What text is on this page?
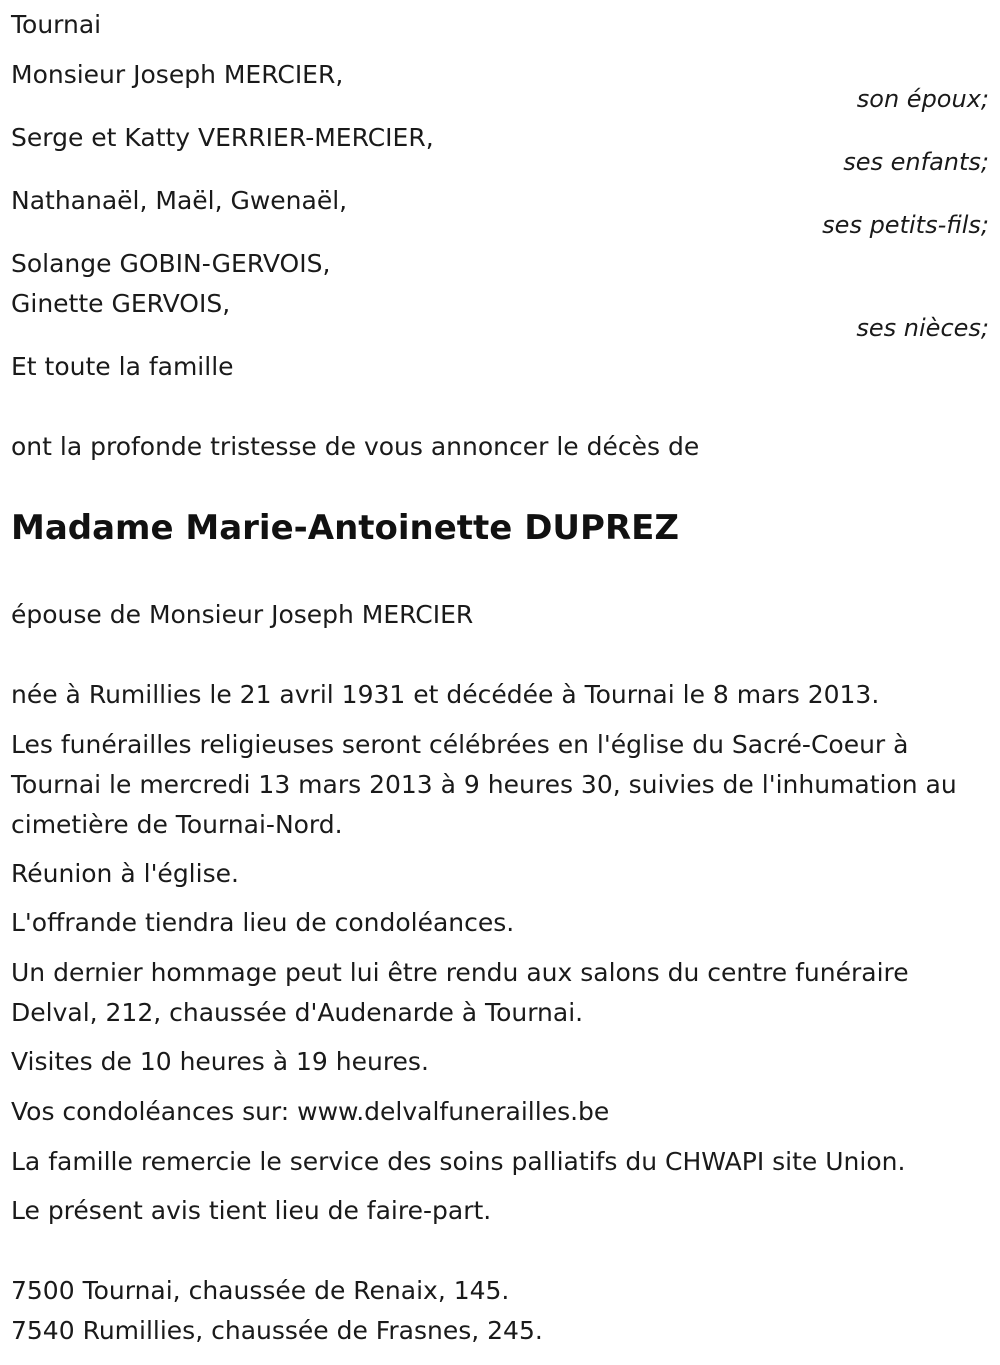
Tournai
Monsieur Joseph MERCIER,
son époux;
Serge et Katty VERRIER-MERCIER,
ses enfants;
Nathanaël, Maël, Gwenaël,
ses petits-fils;
Solange GOBIN-GERVOIS,
Ginette GERVOIS,
ses nièces;
Et toute la famille
ont la profonde tristesse de vous annoncer le décès de
Madame Marie-Antoinette DUPREZ
épouse de Monsieur Joseph MERCIER
née à Rumillies le 21 avril 1931 et décédée à Tournai le 8 mars 2013.
Les funérailles religieuses seront célébrées en l'église du Sacré-Coeur à Tournai le mercredi 13 mars 2013 à 9 heures 30, suivies de l'inhumation au cimetière de Tournai-Nord.
Réunion à l'église.
L'offrande tiendra lieu de condoléances.
Un dernier hommage peut lui être rendu aux salons du centre funéraire Delval, 212, chaussée d'Audenarde à Tournai.
Visites de 10 heures à 19 heures.
Vos condoléances sur: www.delvalfunerailles.be
La famille remercie le service des soins palliatifs du CHWAPI site Union.
Le présent avis tient lieu de faire-part.
7500 Tournai, chaussée de Renaix, 145.
7540 Rumillies, chaussée de Frasnes, 245.
